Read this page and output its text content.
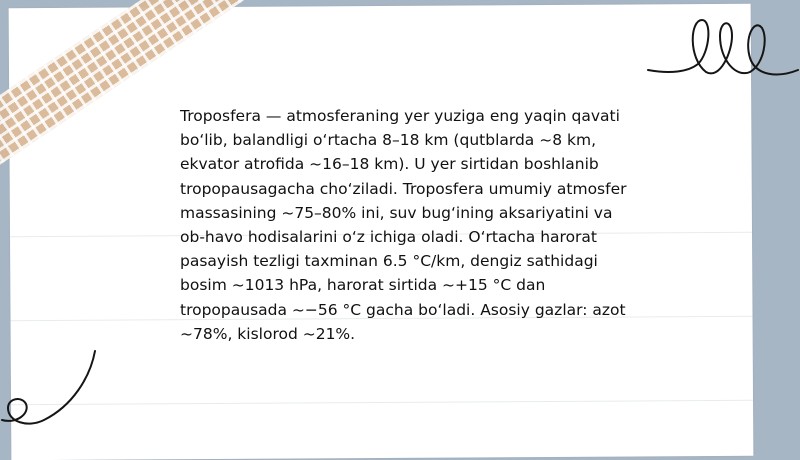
Troposfera — atmosferaning yer yuziga eng yaqin qavati bo‘lib, balandligi o‘rtacha 8–18 km (qutblarda ~8 km, ekvator atrofida ~16–18 km). U yer sirtidan boshlanib tropopausagacha cho‘ziladi. Troposfera umumiy atmosfer massasining ~75–80% ini, suv bug‘ining aksariyatini va ob-havo hodisalarini o‘z ichiga oladi. O‘rtacha harorat pasayish tezligi taxminan 6.5 °C/km, dengiz sathidagi bosim ~1013 hPa, harorat sirtida ~+15 °C dan tropopausada ~−56 °C gacha bo‘ladi. Asosiy gazlar: azot ~78%, kislorod ~21%.
